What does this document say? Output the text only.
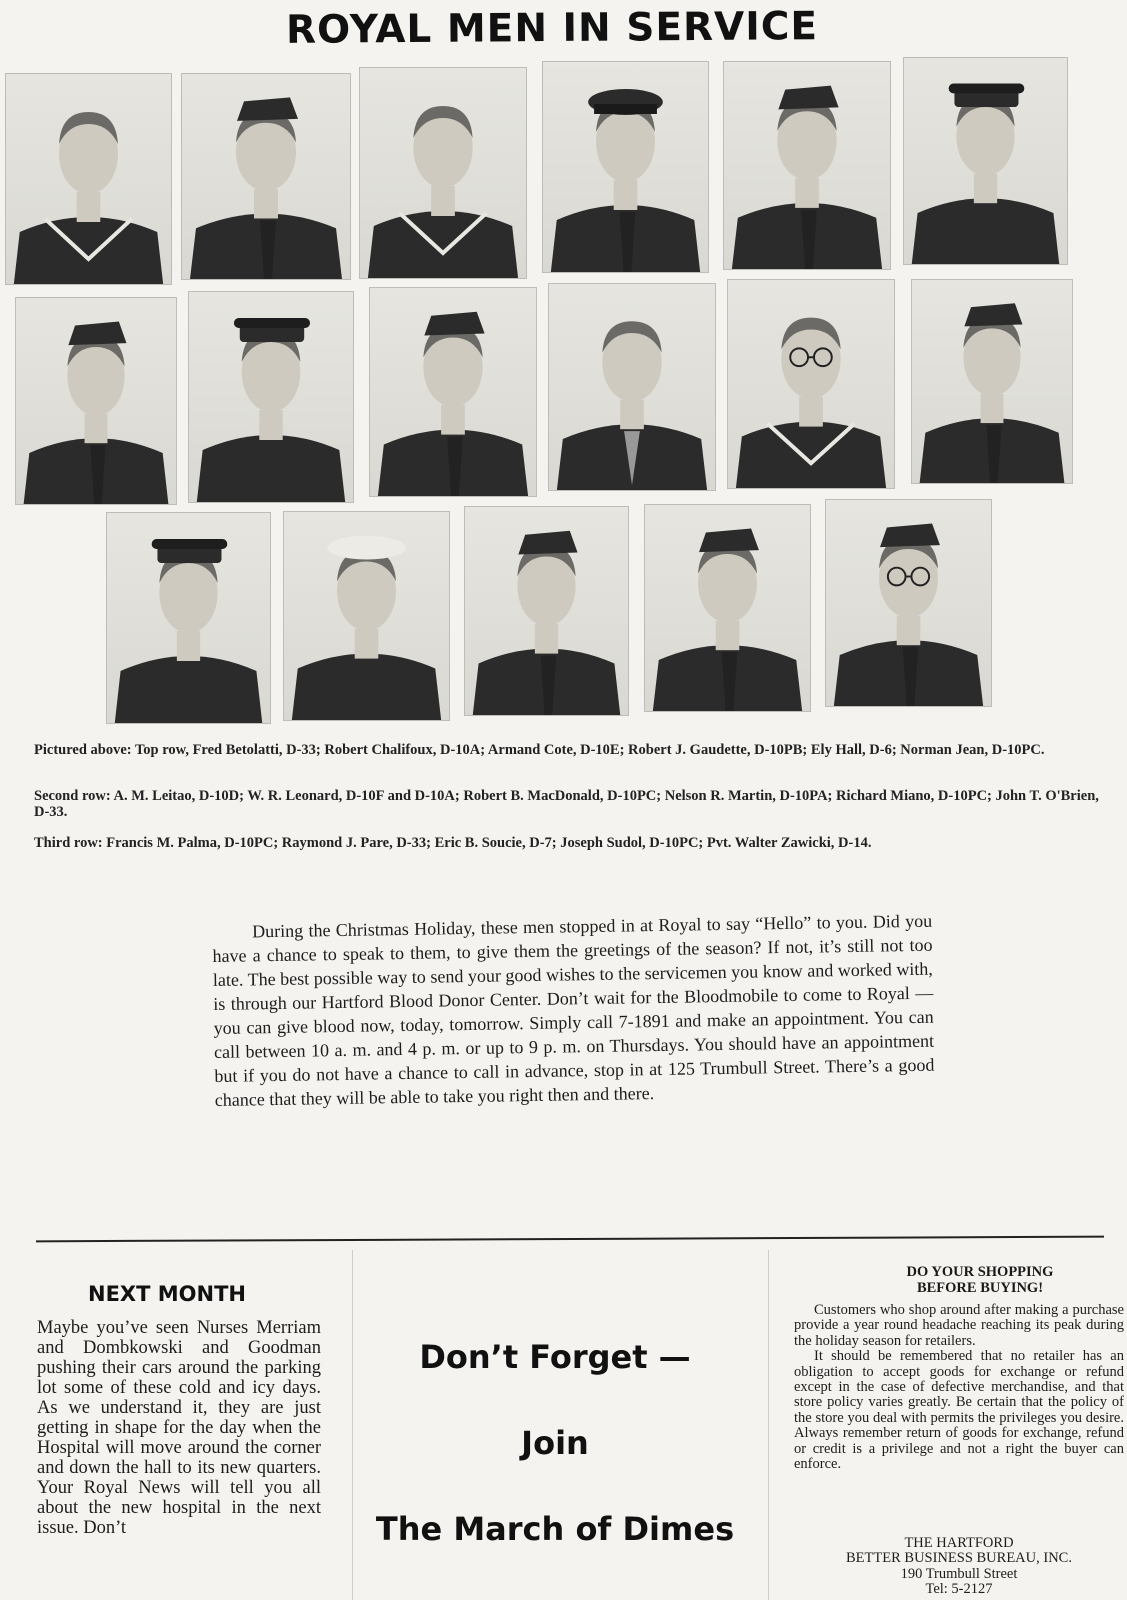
ROYAL MEN IN SERVICE
Pictured above: Top row, Fred Betolatti, D-33; Robert Chalifoux, D-10A; Armand Cote, D-10E; Robert J. Gaudette, D-10PB; Ely Hall, D-6; Norman Jean, D-10PC.
Second row: A. M. Leitao, D-10D; W. R. Leonard, D-10F and D-10A; Robert B. MacDonald, D-10PC; Nelson R. Martin, D-10PA; Richard Miano, D-10PC; John T. O'Brien, D-33.
Third row: Francis M. Palma, D-10PC; Raymond J. Pare, D-33; Eric B. Soucie, D-7; Joseph Sudol, D-10PC; Pvt. Walter Zawicki, D-14.
During the Christmas Holiday, these men stopped in at Royal to say “Hello” to you. Did you have a chance to speak to them, to give them the greetings of the season? If not, it’s still not too late. The best possible way to send your good wishes to the servicemen you know and worked with, is through our Hartford Blood Donor Center. Don’t wait for the Bloodmobile to come to Royal — you can give blood now, today, tomorrow. Simply call 7-1891 and make an appointment. You can call between 10 a. m. and 4 p. m. or up to 9 p. m. on Thursdays. You should have an appointment but if you do not have a chance to call in advance, stop in at 125 Trumbull Street. There’s a good chance that they will be able to take you right then and there.
NEXT MONTH
Maybe you’ve seen Nurses Merriam and Dombkowski and Goodman pushing their cars around the parking lot some of these cold and icy days. As we understand it, they are just getting in shape for the day when the Hospital will move around the corner and down the hall to its new quarters. Your Royal News will tell you all about the new hospital in the next issue. Don’t
Don’t Forget —
Join
The March of Dimes
DO YOUR SHOPPING
BEFORE BUYING!

Customers who shop around after making a purchase provide a year round headache reaching its peak during the holiday season for retailers.

It should be remembered that no retailer has an obligation to accept goods for exchange or refund except in the case of defective merchandise, and that store policy varies greatly. Be certain that the policy of the store you deal with permits the privileges you desire. Always remember return of goods for exchange, refund or credit is a privilege and not a right the buyer can enforce.

THE HARTFORD
BETTER BUSINESS BUREAU, INC.
190 Trumbull Street
Tel: 5-2127
